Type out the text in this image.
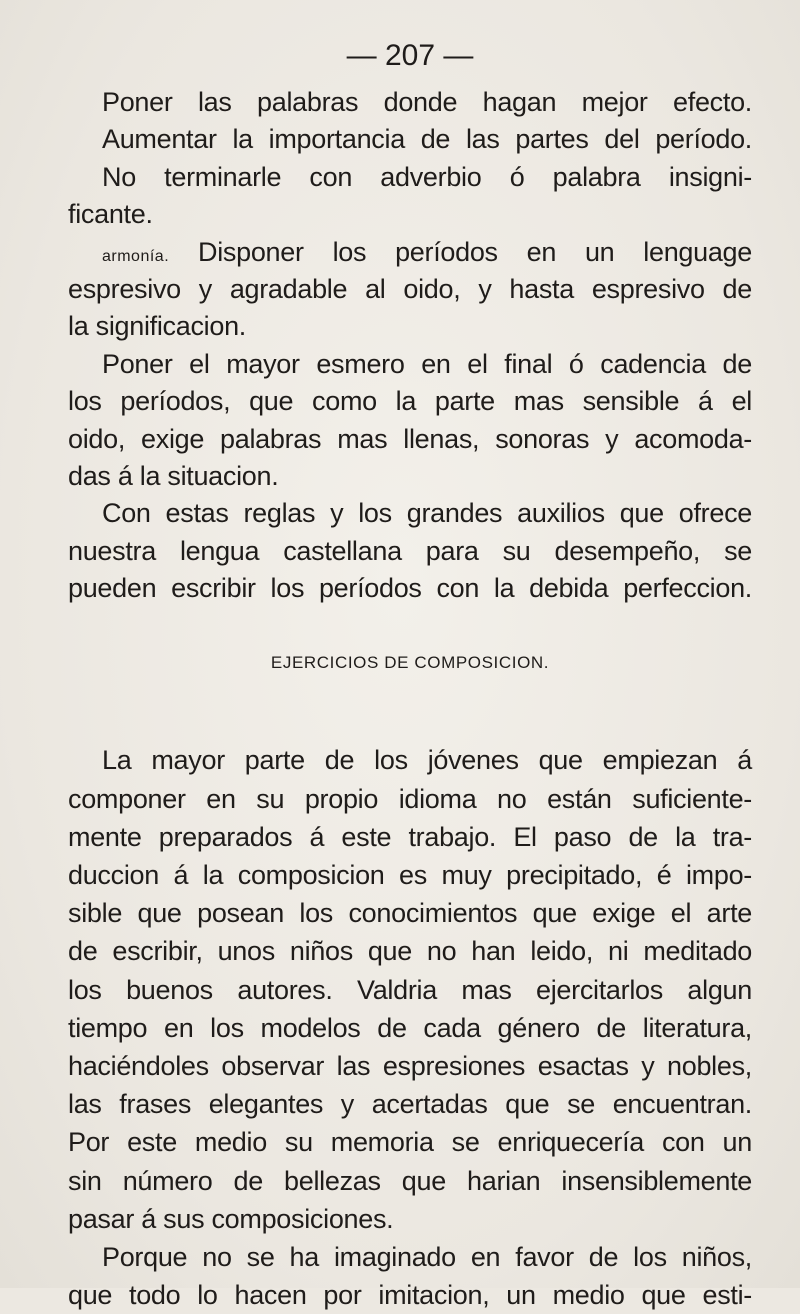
— 207 —
Poner las palabras donde hagan mejor efecto.
Aumentar la importancia de las partes del período.
No terminarle con adverbio ó palabra insigni-
ficante.
armonía. Disponer los períodos en un lenguage
espresivo y agradable al oido, y hasta espresivo de
la significacion.
Poner el mayor esmero en el final ó cadencia de
los períodos, que como la parte mas sensible á el
oido, exige palabras mas llenas, sonoras y acomoda-
das á la situacion.
Con estas reglas y los grandes auxilios que ofrece
nuestra lengua castellana para su desempeño, se
pueden escribir los períodos con la debida perfeccion.
EJERCICIOS DE COMPOSICION.
La mayor parte de los jóvenes que empiezan á
componer en su propio idioma no están suficiente-
mente preparados á este trabajo. El paso de la tra-
duccion á la composicion es muy precipitado, é impo-
sible que posean los conocimientos que exige el arte
de escribir, unos niños que no han leido, ni meditado
los buenos autores. Valdria mas ejercitarlos algun
tiempo en los modelos de cada género de literatura,
haciéndoles observar las espresiones esactas y nobles,
las frases elegantes y acertadas que se encuentran.
Por este medio su memoria se enriquecería con un
sin número de bellezas que harian insensiblemente
pasar á sus composiciones.
Porque no se ha imaginado en favor de los niños,
que todo lo hacen por imitacion, un medio que esti-
